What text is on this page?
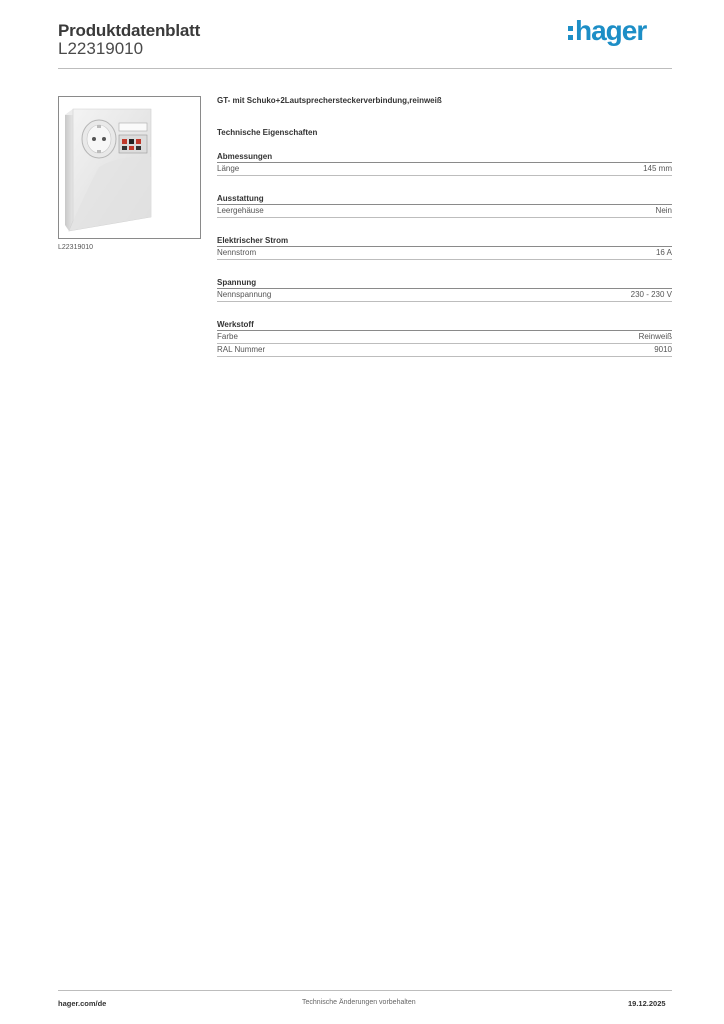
Produktdatenblatt
L22319010
hager
L22319010
GT- mit Schuko+2Lautsprechersteckerverbindung,reinweiß
Technische Eigenschaften
Abmessungen
Länge	145 mm
Ausstattung
Leergehäuse	Nein
Elektrischer Strom
Nennstrom	16 A
Spannung
Nennspannung	230 - 230 V
Werkstoff
Farbe	Reinweiß
RAL Nummer	9010
hager.com/de	Technische Änderungen vorbehalten	19.12.2025
